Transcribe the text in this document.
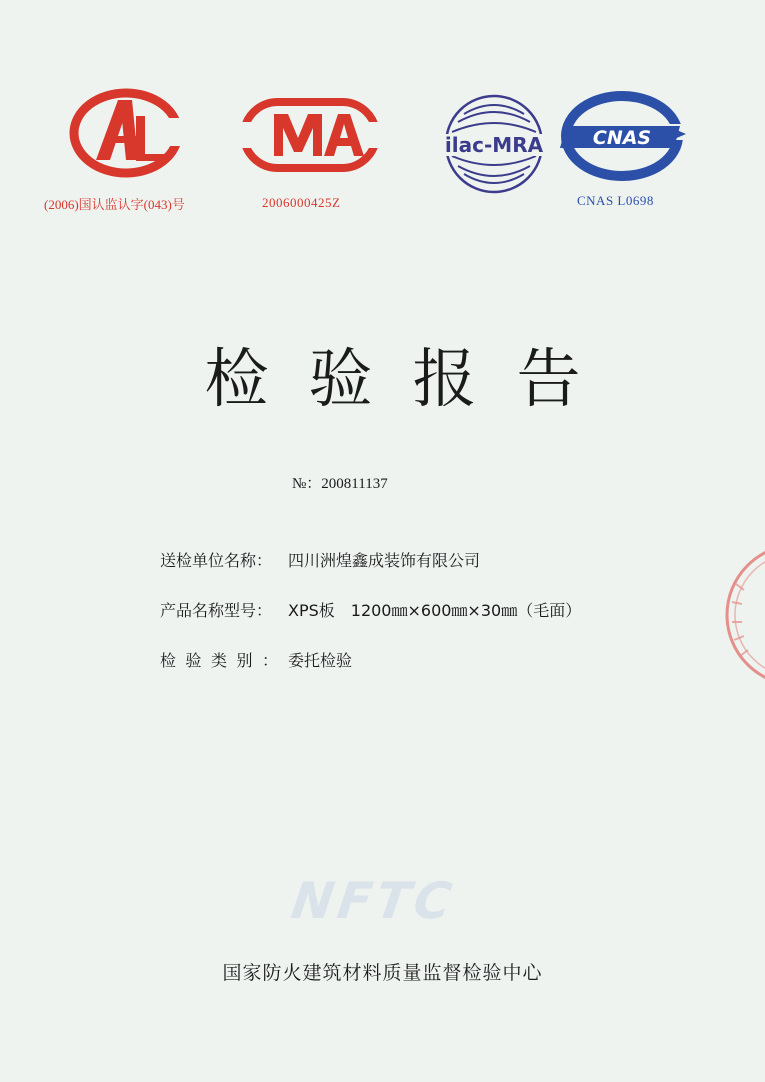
(2006)国认监认字(043)号	2006000425Z
ilac-MRA	CNAS
CNAS L0698
检验报告
№：200811137
送检单位名称： 四川洲煌鑫成装饰有限公司
产品名称型号： XPS板　1200㎜×600㎜×30㎜（毛面）
检验类别：委托检验
NFTC
国家防火建筑材料质量监督检验中心
